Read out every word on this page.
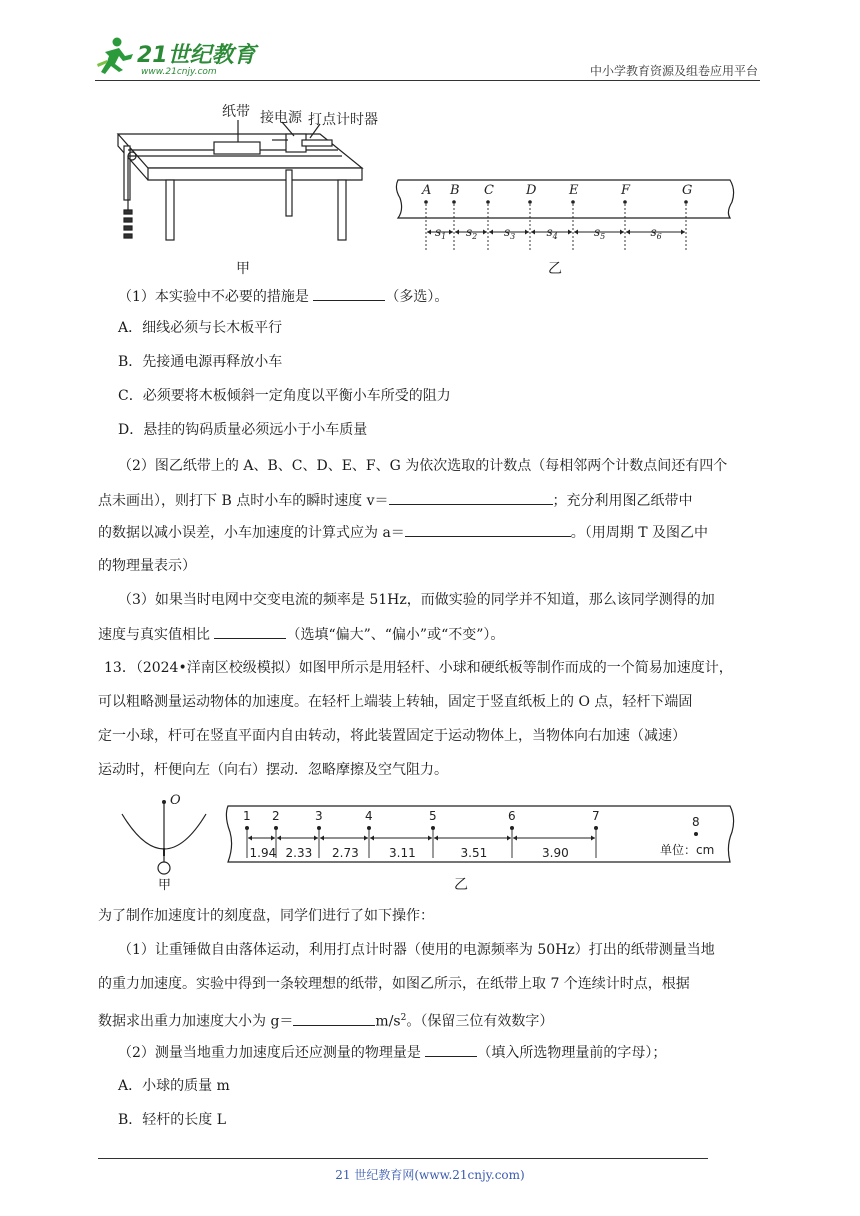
21世纪教育
www.21cnjy.com	中小学教育资源及组卷应用平台
纸带 接电源 打点计时器
甲
A B C D	E	F	G
$s_1$ $s_2$ $s_3$	$s_4$	$s_5$	$s_6$
乙
（1）本实验中不必要的措施是	（多选）。
A．细线必须与长木板平行
B．先接通电源再释放小车
C．必须要将木板倾斜一定角度以平衡小车所受的阻力
D．悬挂的钩码质量必须远小于小车质量
（2）图乙纸带上的 A、B、C、D、E、F、G 为依次选取的计数点（每相邻两个计数点间还有四个
点未画出），则打下 B 点时小车的瞬时速度 v＝	；充分利用图乙纸带中
的数据以减小误差，小车加速度的计算式应为 a＝	。（用周期 T 及图乙中
的物理量表示）
（3）如果当时电网中交变电流的频率是 51Hz，而做实验的同学并不知道，那么该同学测得的加
速度与真实值相比	（选填“偏大”、“偏小”或“不变”）。
13．（2024•洋南区校级模拟）如图甲所示是用轻杆、小球和硬纸板等制作而成的一个简易加速度计，
可以粗略测量运动物体的加速度。在轻杆上端装上转轴，固定于竖直纸板上的 O 点，轻杆下端固
定一小球，杆可在竖直平面内自由转动，将此装置固定于运动物体上，当物体向右加速（减速）
运动时，杆便向左（向右）摆动．忽略摩擦及空气阻力。
O
甲
1 2	3	4	5	6	7	8
1.94 2.33 2.73	3.11	3.51	3.90	单位：cm
乙
为了制作加速度计的刻度盘，同学们进行了如下操作：
（1）让重锤做自由落体运动，利用打点计时器（使用的电源频率为 50Hz）打出的纸带测量当地
的重力加速度。实验中得到一条较理想的纸带，如图乙所示，在纸带上取 7 个连续计时点，根据
数据求出重力加速度大小为 g＝	$m/s^2$。（保留三位有效数字）
（2）测量当地重力加速度后还应测量的物理量是	（填入所选物理量前的字母）；
A．小球的质量 m
B．轻杆的长度 L
21 世纪教育网(www.21cnjy.com)
